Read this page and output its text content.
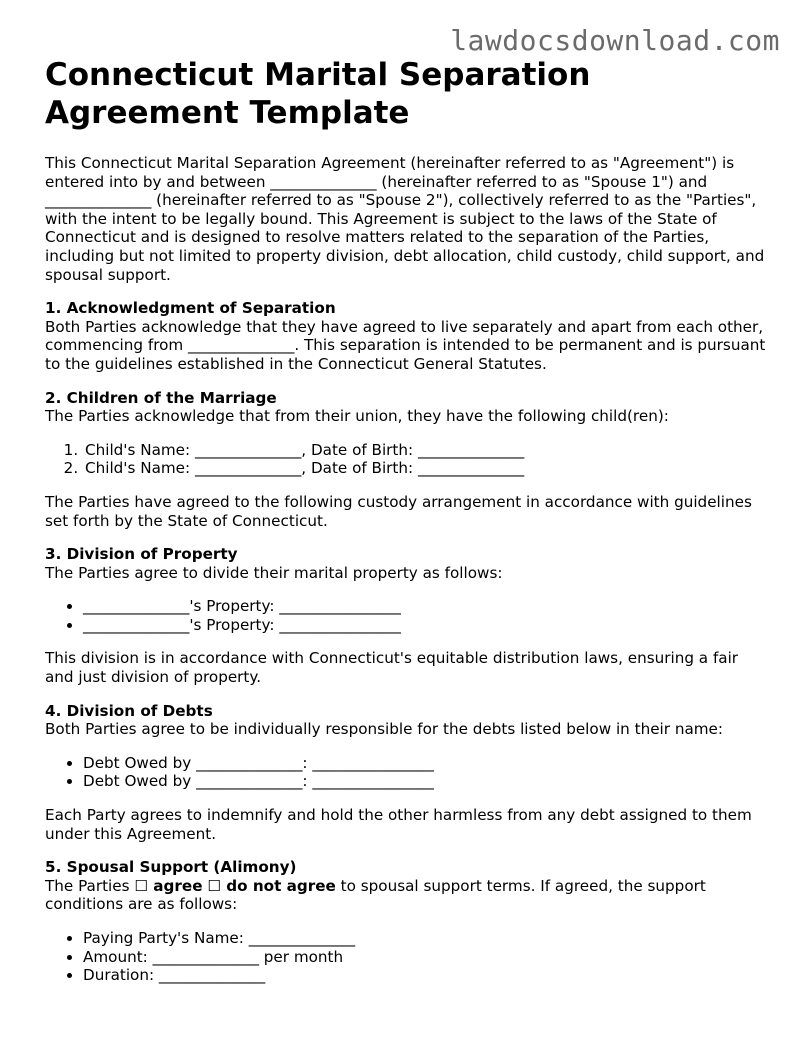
lawdocsdownload.com
Connecticut Marital Separation Agreement Template

This Connecticut Marital Separation Agreement (hereinafter referred to as "Agreement") is entered into by and between ______________ (hereinafter referred to as "Spouse 1") and ______________ (hereinafter referred to as "Spouse 2"), collectively referred to as the "Parties", with the intent to be legally bound. This Agreement is subject to the laws of the State of Connecticut and is designed to resolve matters related to the separation of the Parties, including but not limited to property division, debt allocation, child custody, child support, and spousal support.

1. Acknowledgment of Separation

Both Parties acknowledge that they have agreed to live separately and apart from each other, commencing from ______________. This separation is intended to be permanent and is pursuant to the guidelines established in the Connecticut General Statutes.

2. Children of the Marriage

The Parties acknowledge that from their union, they have the following child(ren):

1. Child's Name: ______________, Date of Birth: ______________
2. Child's Name: ______________, Date of Birth: ______________

The Parties have agreed to the following custody arrangement in accordance with guidelines set forth by the State of Connecticut.

3. Division of Property

The Parties agree to divide their marital property as follows:

• ______________'s Property: ________________
• ______________'s Property: ________________

This division is in accordance with Connecticut's equitable distribution laws, ensuring a fair and just division of property.

4. Division of Debts

Both Parties agree to be individually responsible for the debts listed below in their name:

• Debt Owed by ______________: ________________
• Debt Owed by ______________: ________________

Each Party agrees to indemnify and hold the other harmless from any debt assigned to them under this Agreement.

5. Spousal Support (Alimony)

The Parties ☐ agree ☐ do not agree to spousal support terms. If agreed, the support conditions are as follows:

• Paying Party's Name: ______________
• Amount: ______________ per month
• Duration: ______________
